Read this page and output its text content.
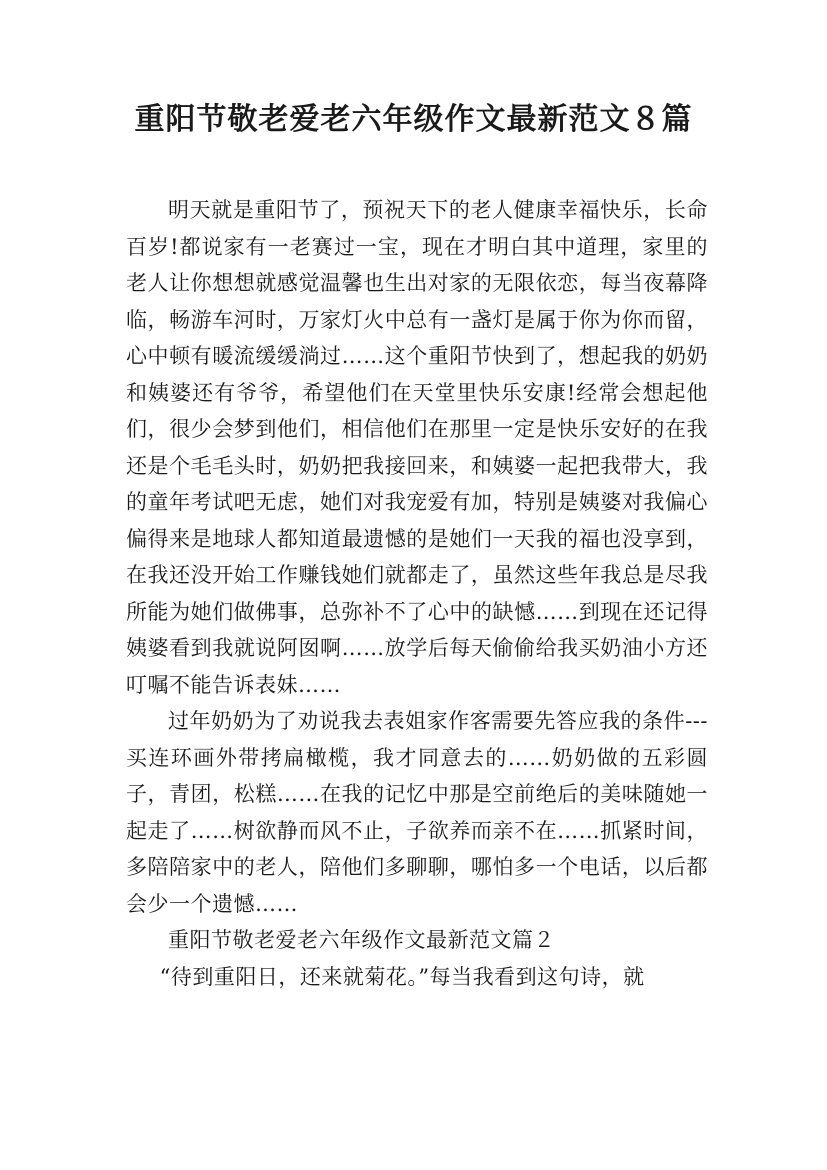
重阳节敬老爱老六年级作文最新范文８篇

明天就是重阳节了，预祝天下的老人健康幸福快乐，长命百岁!都说家有一老赛过一宝，现在才明白其中道理，家里的老人让你想想就感觉温馨也生出对家的无限依恋，每当夜幕降临，畅游车河时，万家灯火中总有一盏灯是属于你为你而留，心中顿有暖流缓缓淌过……这个重阳节快到了，想起我的奶奶和姨婆还有爷爷，希望他们在天堂里快乐安康!经常会想起他们，很少会梦到他们，相信他们在那里一定是快乐安好的在我还是个毛毛头时，奶奶把我接回来，和姨婆一起把我带大，我的童年考试吧无虑，她们对我宠爱有加，特别是姨婆对我偏心偏得来是地球人都知道最遗憾的是她们一天我的福也没享到，在我还没开始工作赚钱她们就都走了，虽然这些年我总是尽我所能为她们做佛事，总弥补不了心中的缺憾……到现在还记得姨婆看到我就说阿囡啊……放学后每天偷偷给我买奶油小方还叮嘱不能告诉表妹……

过年奶奶为了劝说我去表姐家作客需要先答应我的条件---买连环画外带拷扁橄榄，我才同意去的……奶奶做的五彩圆子，青团，松糕……在我的记忆中那是空前绝后的美味随她一起走了……树欲静而风不止，子欲养而亲不在……抓紧时间，多陪陪家中的老人，陪他们多聊聊，哪怕多一个电话，以后都会少一个遗憾……

重阳节敬老爱老六年级作文最新范文篇２

“待到重阳日，还来就菊花。”每当我看到这句诗，就
